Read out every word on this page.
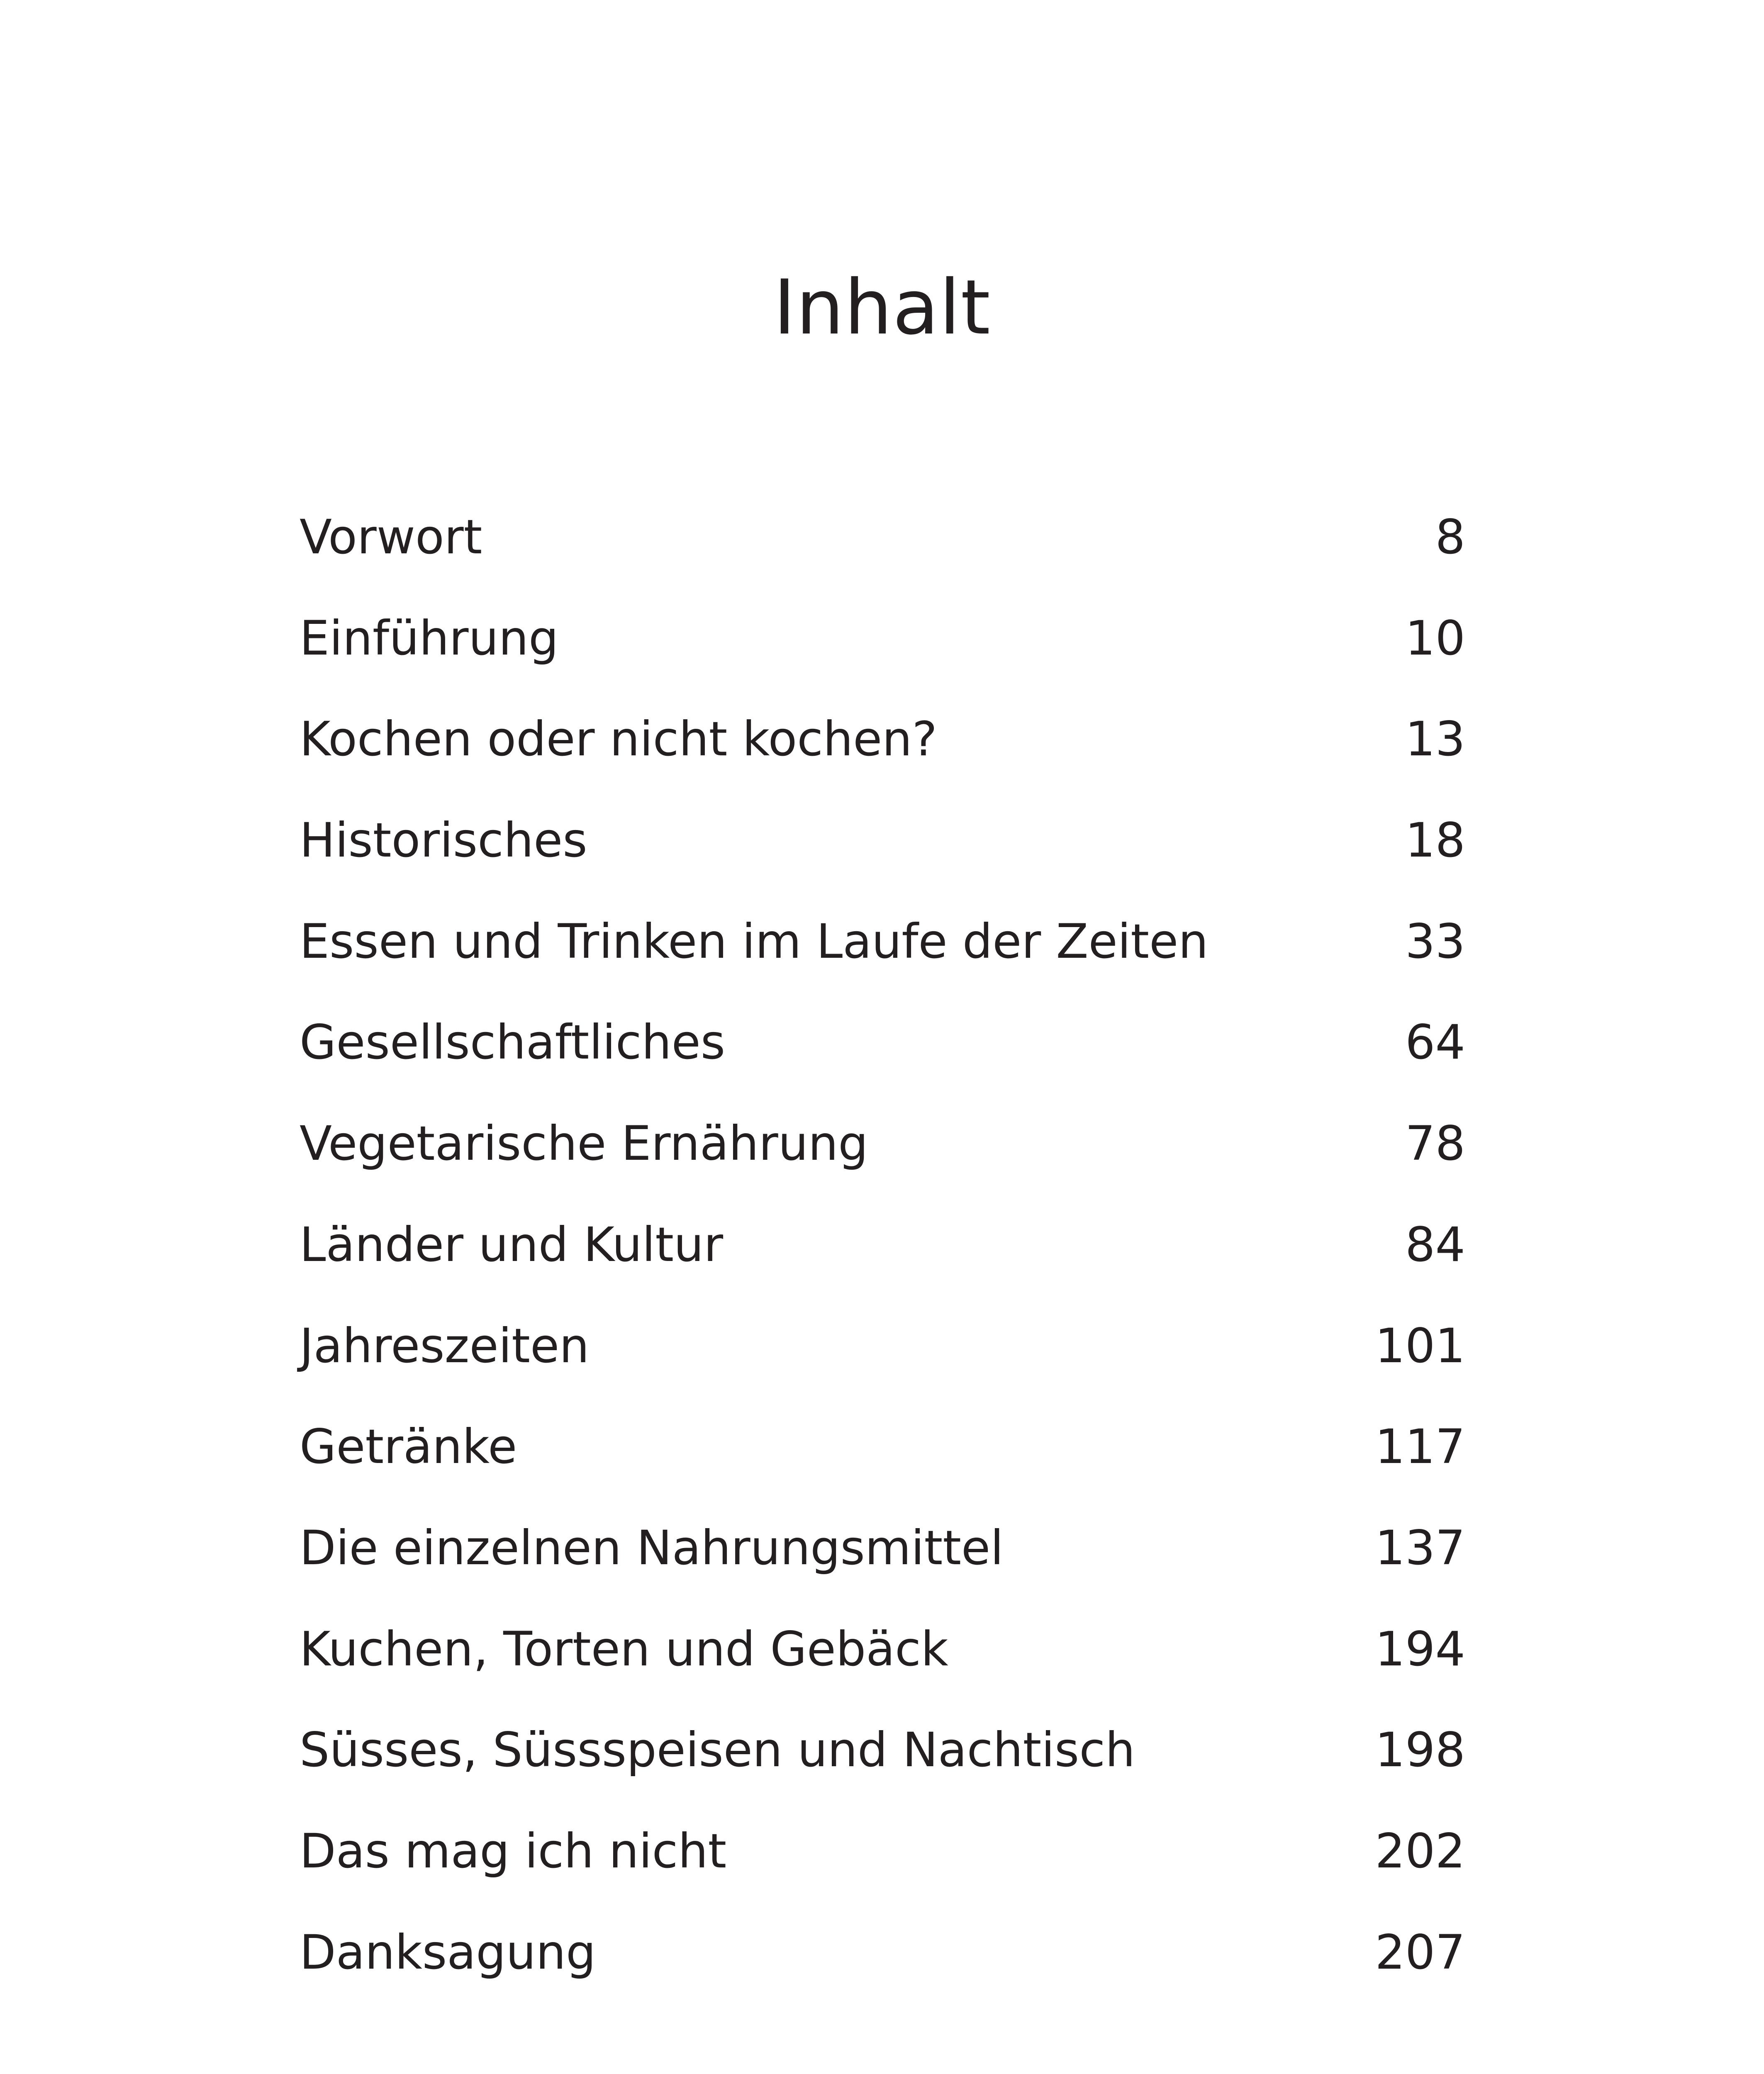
Inhalt
Vorwort	8
Einführung	10
Kochen oder nicht kochen?	13
Historisches	18
Essen und Trinken im Laufe der Zeiten	33
Gesellschaftliches	64
Vegetarische Ernährung	78
Länder und Kultur	84
Jahreszeiten	101
Getränke	117
Die einzelnen Nahrungsmittel	137
Kuchen, Torten und Gebäck	194
Süsses, Süssspeisen und Nachtisch	198
Das mag ich nicht	202
Danksagung	207
